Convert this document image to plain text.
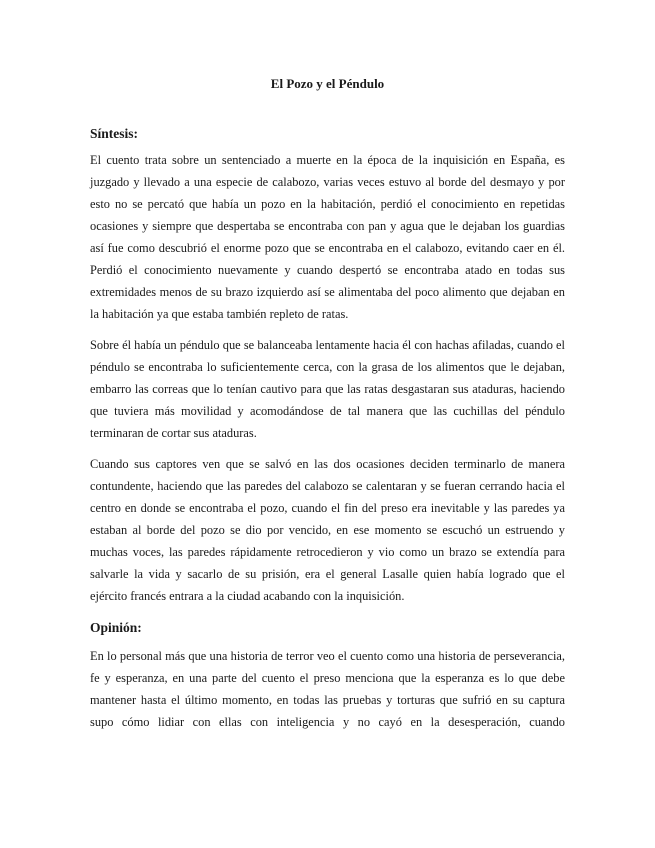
El Pozo y el Péndulo
Síntesis:

El cuento trata sobre un sentenciado a muerte en la época de la inquisición en España, es juzgado y llevado a una especie de calabozo, varias veces estuvo al borde del desmayo y por esto no se percató que había un pozo en la habitación, perdió el conocimiento en repetidas ocasiones y siempre que despertaba se encontraba con pan y agua que le dejaban los guardias así fue como descubrió el enorme pozo que se encontraba en el calabozo, evitando caer en él. Perdió el conocimiento nuevamente y cuando despertó se encontraba atado en todas sus extremidades menos de su brazo izquierdo así se alimentaba del poco alimento que dejaban en la habitación ya que estaba también repleto de ratas.

Sobre él había un péndulo que se balanceaba lentamente hacia él con hachas afiladas, cuando el péndulo se encontraba lo suficientemente cerca, con la grasa de los alimentos que le dejaban, embarro las correas que lo tenían cautivo para que las ratas desgastaran sus ataduras, haciendo que tuviera más movilidad y acomodándose de tal manera que las cuchillas del péndulo terminaran de cortar sus ataduras.

Cuando sus captores ven que se salvó en las dos ocasiones deciden terminarlo de manera contundente, haciendo que las paredes del calabozo se calentaran y se fueran cerrando hacia el centro en donde se encontraba el pozo, cuando el fin del preso era inevitable y las paredes ya estaban al borde del pozo se dio por vencido, en ese momento se escuchó un estruendo y muchas voces, las paredes rápidamente retrocedieron y vio como un brazo se extendía para salvarle la vida y sacarlo de su prisión, era el general Lasalle quien había logrado que el ejército francés entrara a la ciudad acabando con la inquisición.

Opinión:

En lo personal más que una historia de terror veo el cuento como una historia de perseverancia, fe y esperanza, en una parte del cuento el preso menciona que la esperanza es lo que debe mantener hasta el último momento, en todas las pruebas y torturas que sufrió en su captura supo cómo lidiar con ellas con inteligencia y no cayó en la desesperación, cuando
